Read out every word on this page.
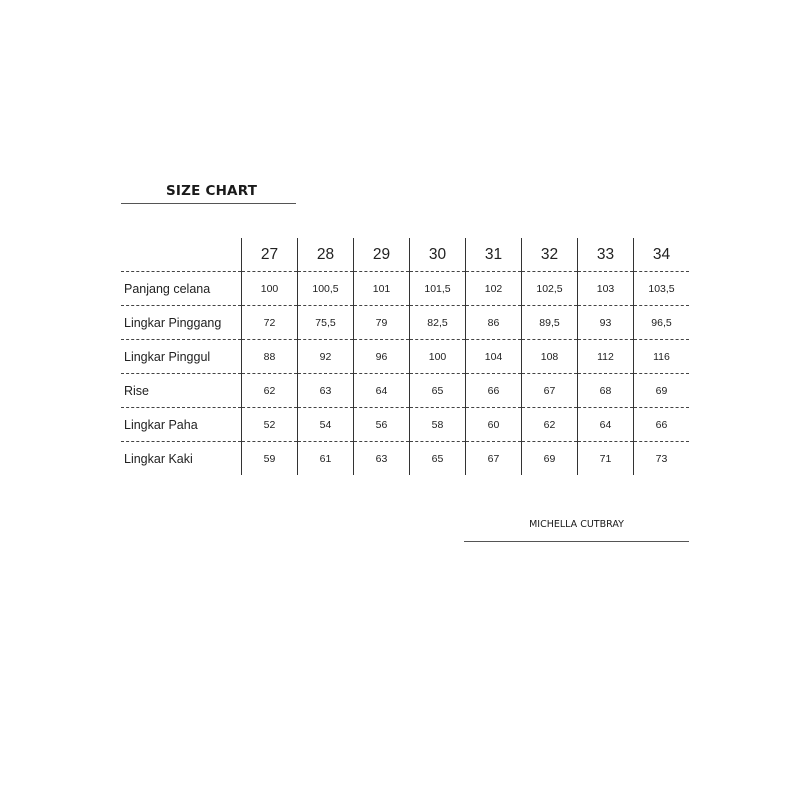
SIZE CHART
	27	28	29	30	31	32	33	34
Panjang celana	100	100,5	101	101,5	102	102,5	103	103,5
Lingkar Pinggang	72	75,5	79	82,5	86	89,5	93	96,5
Lingkar Pinggul	88	92	96	100	104	108	112	116
Rise	62	63	64	65	66	67	68	69
Lingkar Paha	52	54	56	58	60	62	64	66
Lingkar Kaki	59	61	63	65	67	69	71	73
MICHELLA CUTBRAY
